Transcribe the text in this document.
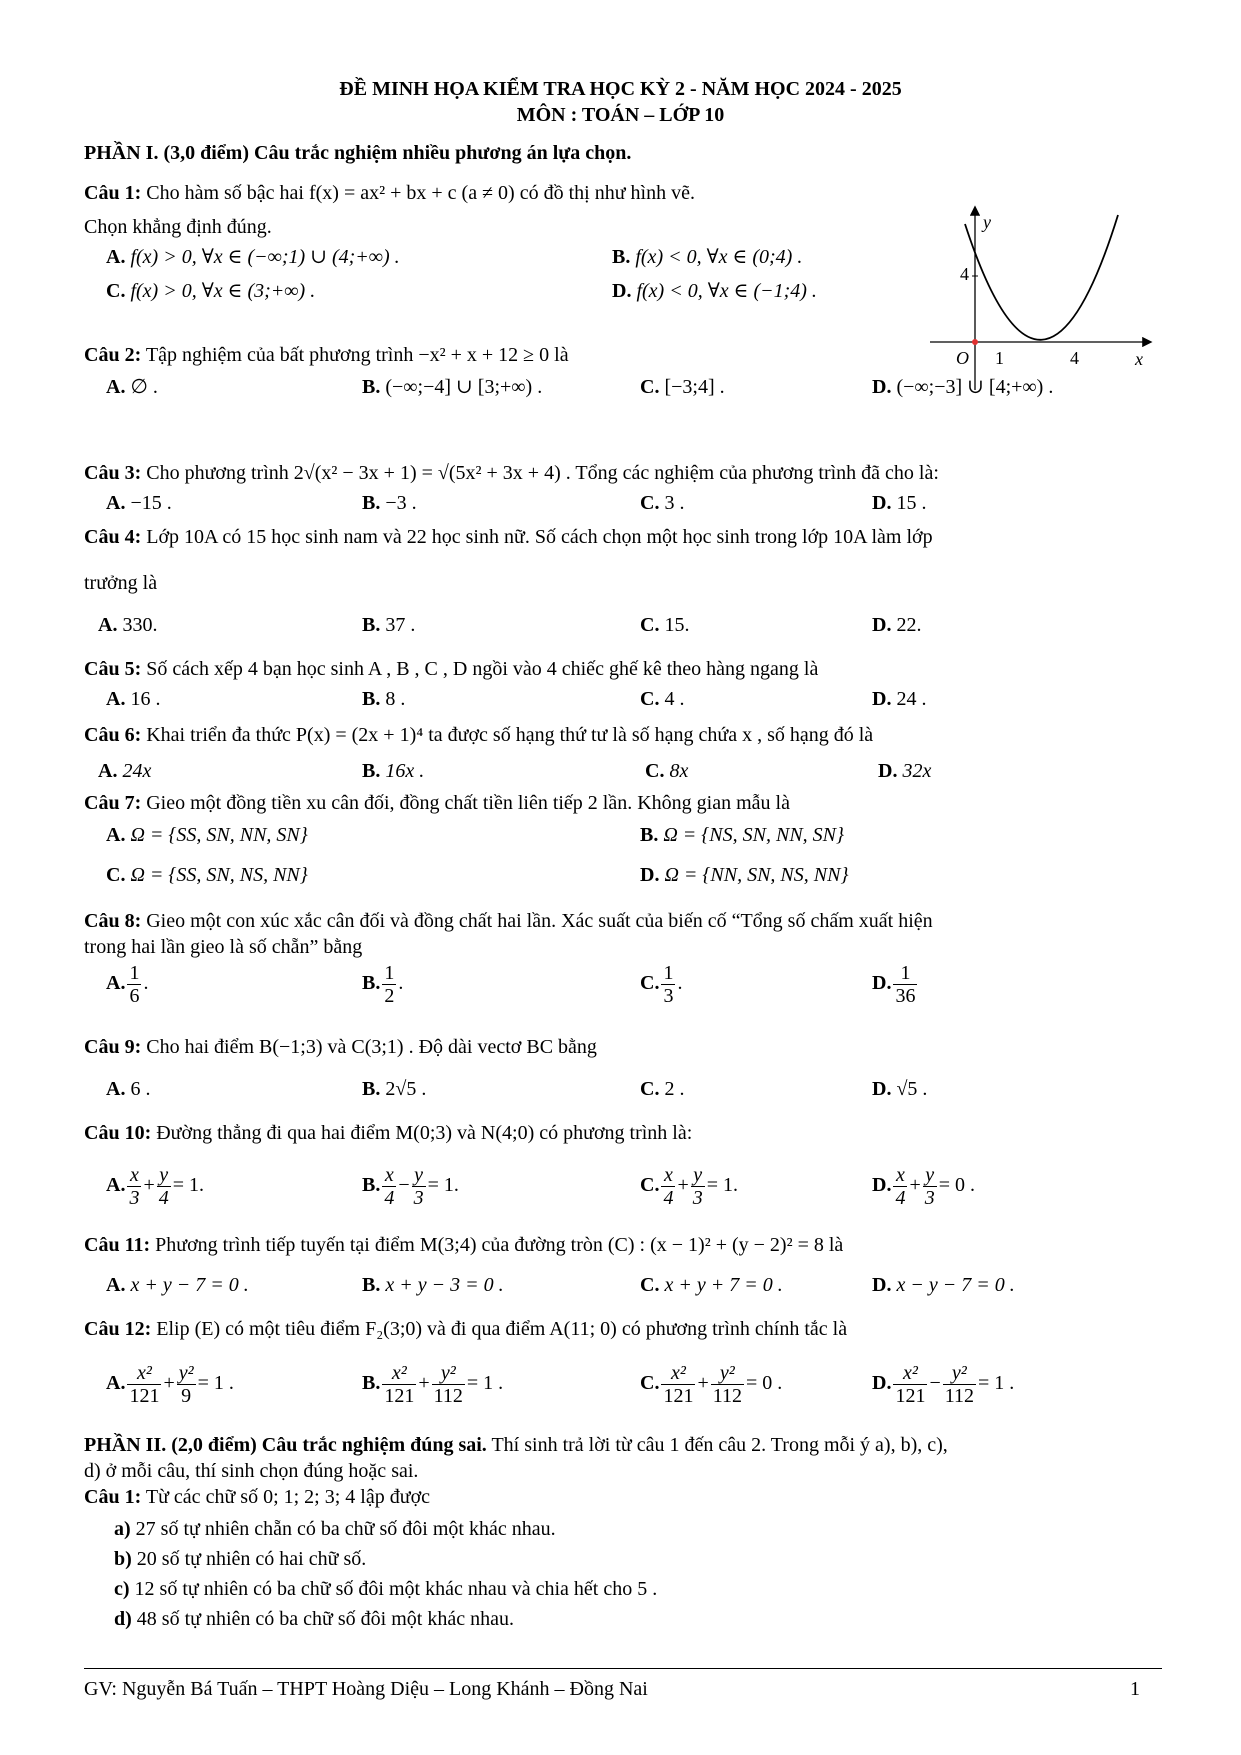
ĐỀ MINH HỌA KIỂM TRA HỌC KỲ 2 - NĂM HỌC 2024 - 2025
MÔN : TOÁN – LỚP 10
PHẦN I. (3,0 điểm) Câu trắc nghiệm nhiều phương án lựa chọn.
Câu 1: Cho hàm số bậc hai f(x) = ax² + bx + c (a ≠ 0) có đồ thị như hình vẽ.
Chọn khẳng định đúng.
A. f(x) > 0, ∀x ∈ (−∞;1) ∪ (4;+∞) .	B. f(x) < 0, ∀x ∈ (0;4) .
C. f(x) > 0, ∀x ∈ (3;+∞) .	D. f(x) < 0, ∀x ∈ (−1;4) .
y
x
O
4
1	4
Câu 2: Tập nghiệm của bất phương trình −x² + x + 12 ≥ 0 là
A. ∅ .	B. (−∞;−4] ∪ [3;+∞) .	C. [−3;4] .	D. (−∞;−3] ∪ [4;+∞) .
Câu 3: Cho phương trình 2√(x² − 3x + 1) = √(5x² + 3x + 4) . Tổng các nghiệm của phương trình đã cho là:
A. −15 .	B. −3 .	C. 3 .	D. 15 .
Câu 4: Lớp 10A có 15 học sinh nam và 22 học sinh nữ. Số cách chọn một học sinh trong lớp 10A làm lớp
trưởng là
A. 330.	B. 37 .	C. 15.	D. 22.
Câu 5: Số cách xếp 4 bạn học sinh A , B , C , D ngồi vào 4 chiếc ghế kê theo hàng ngang là
A. 16 .	B. 8 .	C. 4 .	D. 24 .
Câu 6: Khai triển đa thức P(x) = (2x + 1)⁴ ta được số hạng thứ tư là số hạng chứa x , số hạng đó là
A. 24x	B. 16x .	C. 8x	D. 32x
Câu 7: Gieo một đồng tiền xu cân đối, đồng chất tiền liên tiếp 2 lần. Không gian mẫu là
A. Ω = {SS, SN, NN, SN}	B. Ω = {NS, SN, NN, SN}
C. Ω = {SS, SN, NS, NN}	D. Ω = {NN, SN, NS, NN}
Câu 8: Gieo một con xúc xắc cân đối và đồng chất hai lần. Xác suất của biến cố “Tổng số chấm xuất hiện
trong hai lần gieo là số chẵn” bằng
A. $\frac{1}{6}$ .	B. $\frac{1}{2}$ .	C. $\frac{1}{3}$ .	D. $\frac{1}{36}$
Câu 9: Cho hai điểm B(−1;3) và C(3;1) . Độ dài vectơ BC bằng
A. 6 .	B. 2√5 .	C. 2 .	D. √5 .
Câu 10: Đường thẳng đi qua hai điểm M(0;3) và N(4;0) có phương trình là:
A. $\frac{x}{3} + \frac{y}{4} = 1$.	B. $\frac{x}{4} - \frac{y}{3} = 1$.	C. $\frac{x}{4} + \frac{y}{3} = 1$.	D. $\frac{x}{4} + \frac{y}{3} = 0$ .
Câu 11: Phương trình tiếp tuyến tại điểm M(3;4) của đường tròn (C) : (x − 1)² + (y − 2)² = 8 là
A. x + y − 7 = 0 .	B. x + y − 3 = 0 .	C. x + y + 7 = 0 .	D. x − y − 7 = 0 .
Câu 12: Elip (E) có một tiêu điểm F₂(3;0) và đi qua điểm A(11; 0) có phương trình chính tắc là
A. $\frac{\text{x²}}{121} + \frac{\text{y²}}{9} = 1$ .	B. $\frac{\text{x²}}{121} + \frac{\text{y²}}{112} = 1$ .	C. $\frac{\text{x²}}{121} + \frac{\text{y²}}{112} = 0$ .	D. $\frac{\text{x²}}{121} - \frac{\text{y²}}{112} = 1$ .
PHẦN II. (2,0 điểm) Câu trắc nghiệm đúng sai. Thí sinh trả lời từ câu 1 đến câu 2. Trong mỗi ý a), b), c),
d) ở mỗi câu, thí sinh chọn đúng hoặc sai.
Câu 1: Từ các chữ số 0; 1; 2; 3; 4 lập được
a) 27 số tự nhiên chẵn có ba chữ số đôi một khác nhau.
b) 20 số tự nhiên có hai chữ số.
c) 12 số tự nhiên có ba chữ số đôi một khác nhau và chia hết cho 5 .
d) 48 số tự nhiên có ba chữ số đôi một khác nhau.
GV: Nguyễn Bá Tuấn – THPT Hoàng Diệu – Long Khánh – Đồng Nai	1
